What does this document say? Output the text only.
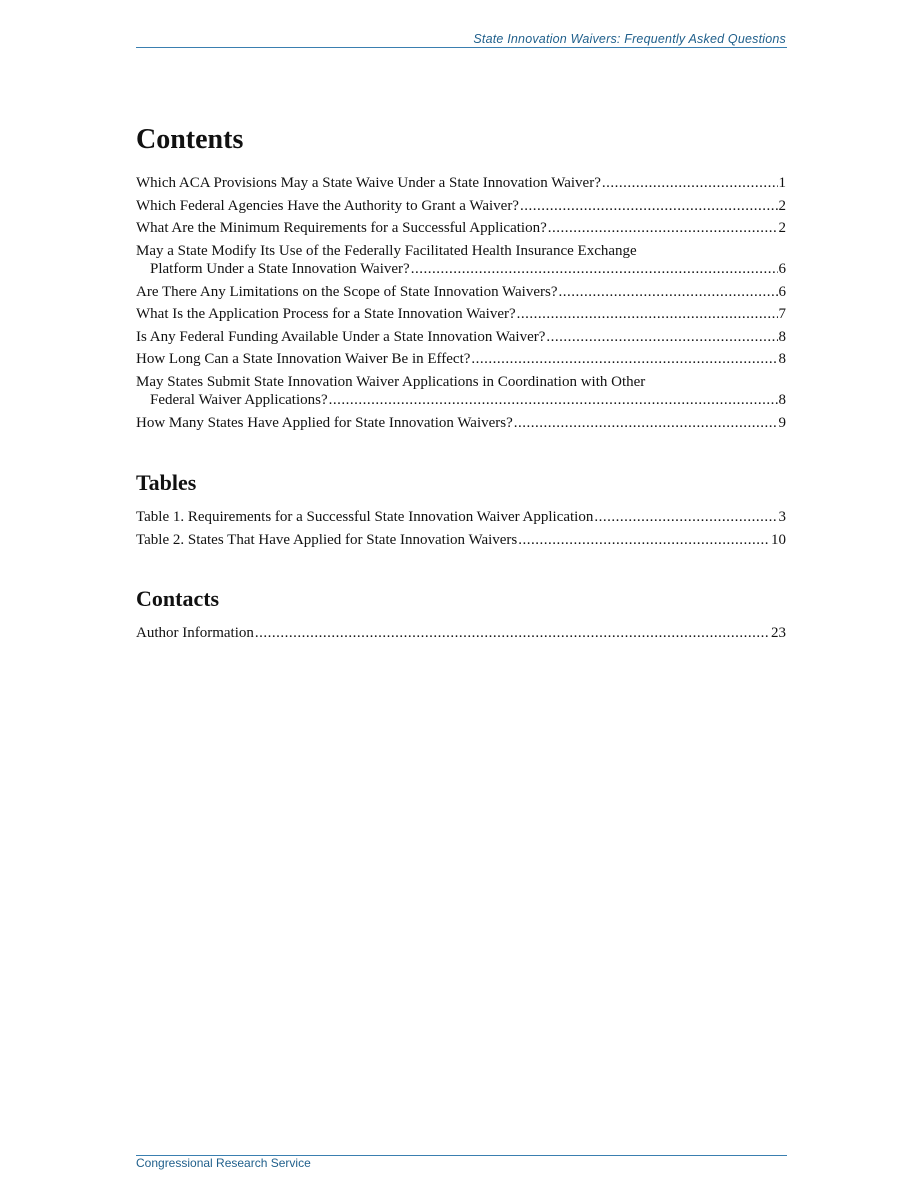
State Innovation Waivers: Frequently Asked Questions
Contents
Which ACA Provisions May a State Waive Under a State Innovation Waiver? .....	1
Which Federal Agencies Have the Authority to Grant a Waiver? .....	2
What Are the Minimum Requirements for a Successful Application? .....	2
May a State Modify Its Use of the Federally Facilitated Health Insurance Exchange
Platform Under a State Innovation Waiver? .....	6
Are There Any Limitations on the Scope of State Innovation Waivers? .....	6
What Is the Application Process for a State Innovation Waiver? .....	7
Is Any Federal Funding Available Under a State Innovation Waiver? .....	8
How Long Can a State Innovation Waiver Be in Effect? .....	8
May States Submit State Innovation Waiver Applications in Coordination with Other
Federal Waiver Applications? .....	8
How Many States Have Applied for State Innovation Waivers? .....	9
Tables
Table 1. Requirements for a Successful State Innovation Waiver Application .....	3
Table 2. States That Have Applied for State Innovation Waivers .....	10
Contacts
Author Information .....	23
Congressional Research Service
